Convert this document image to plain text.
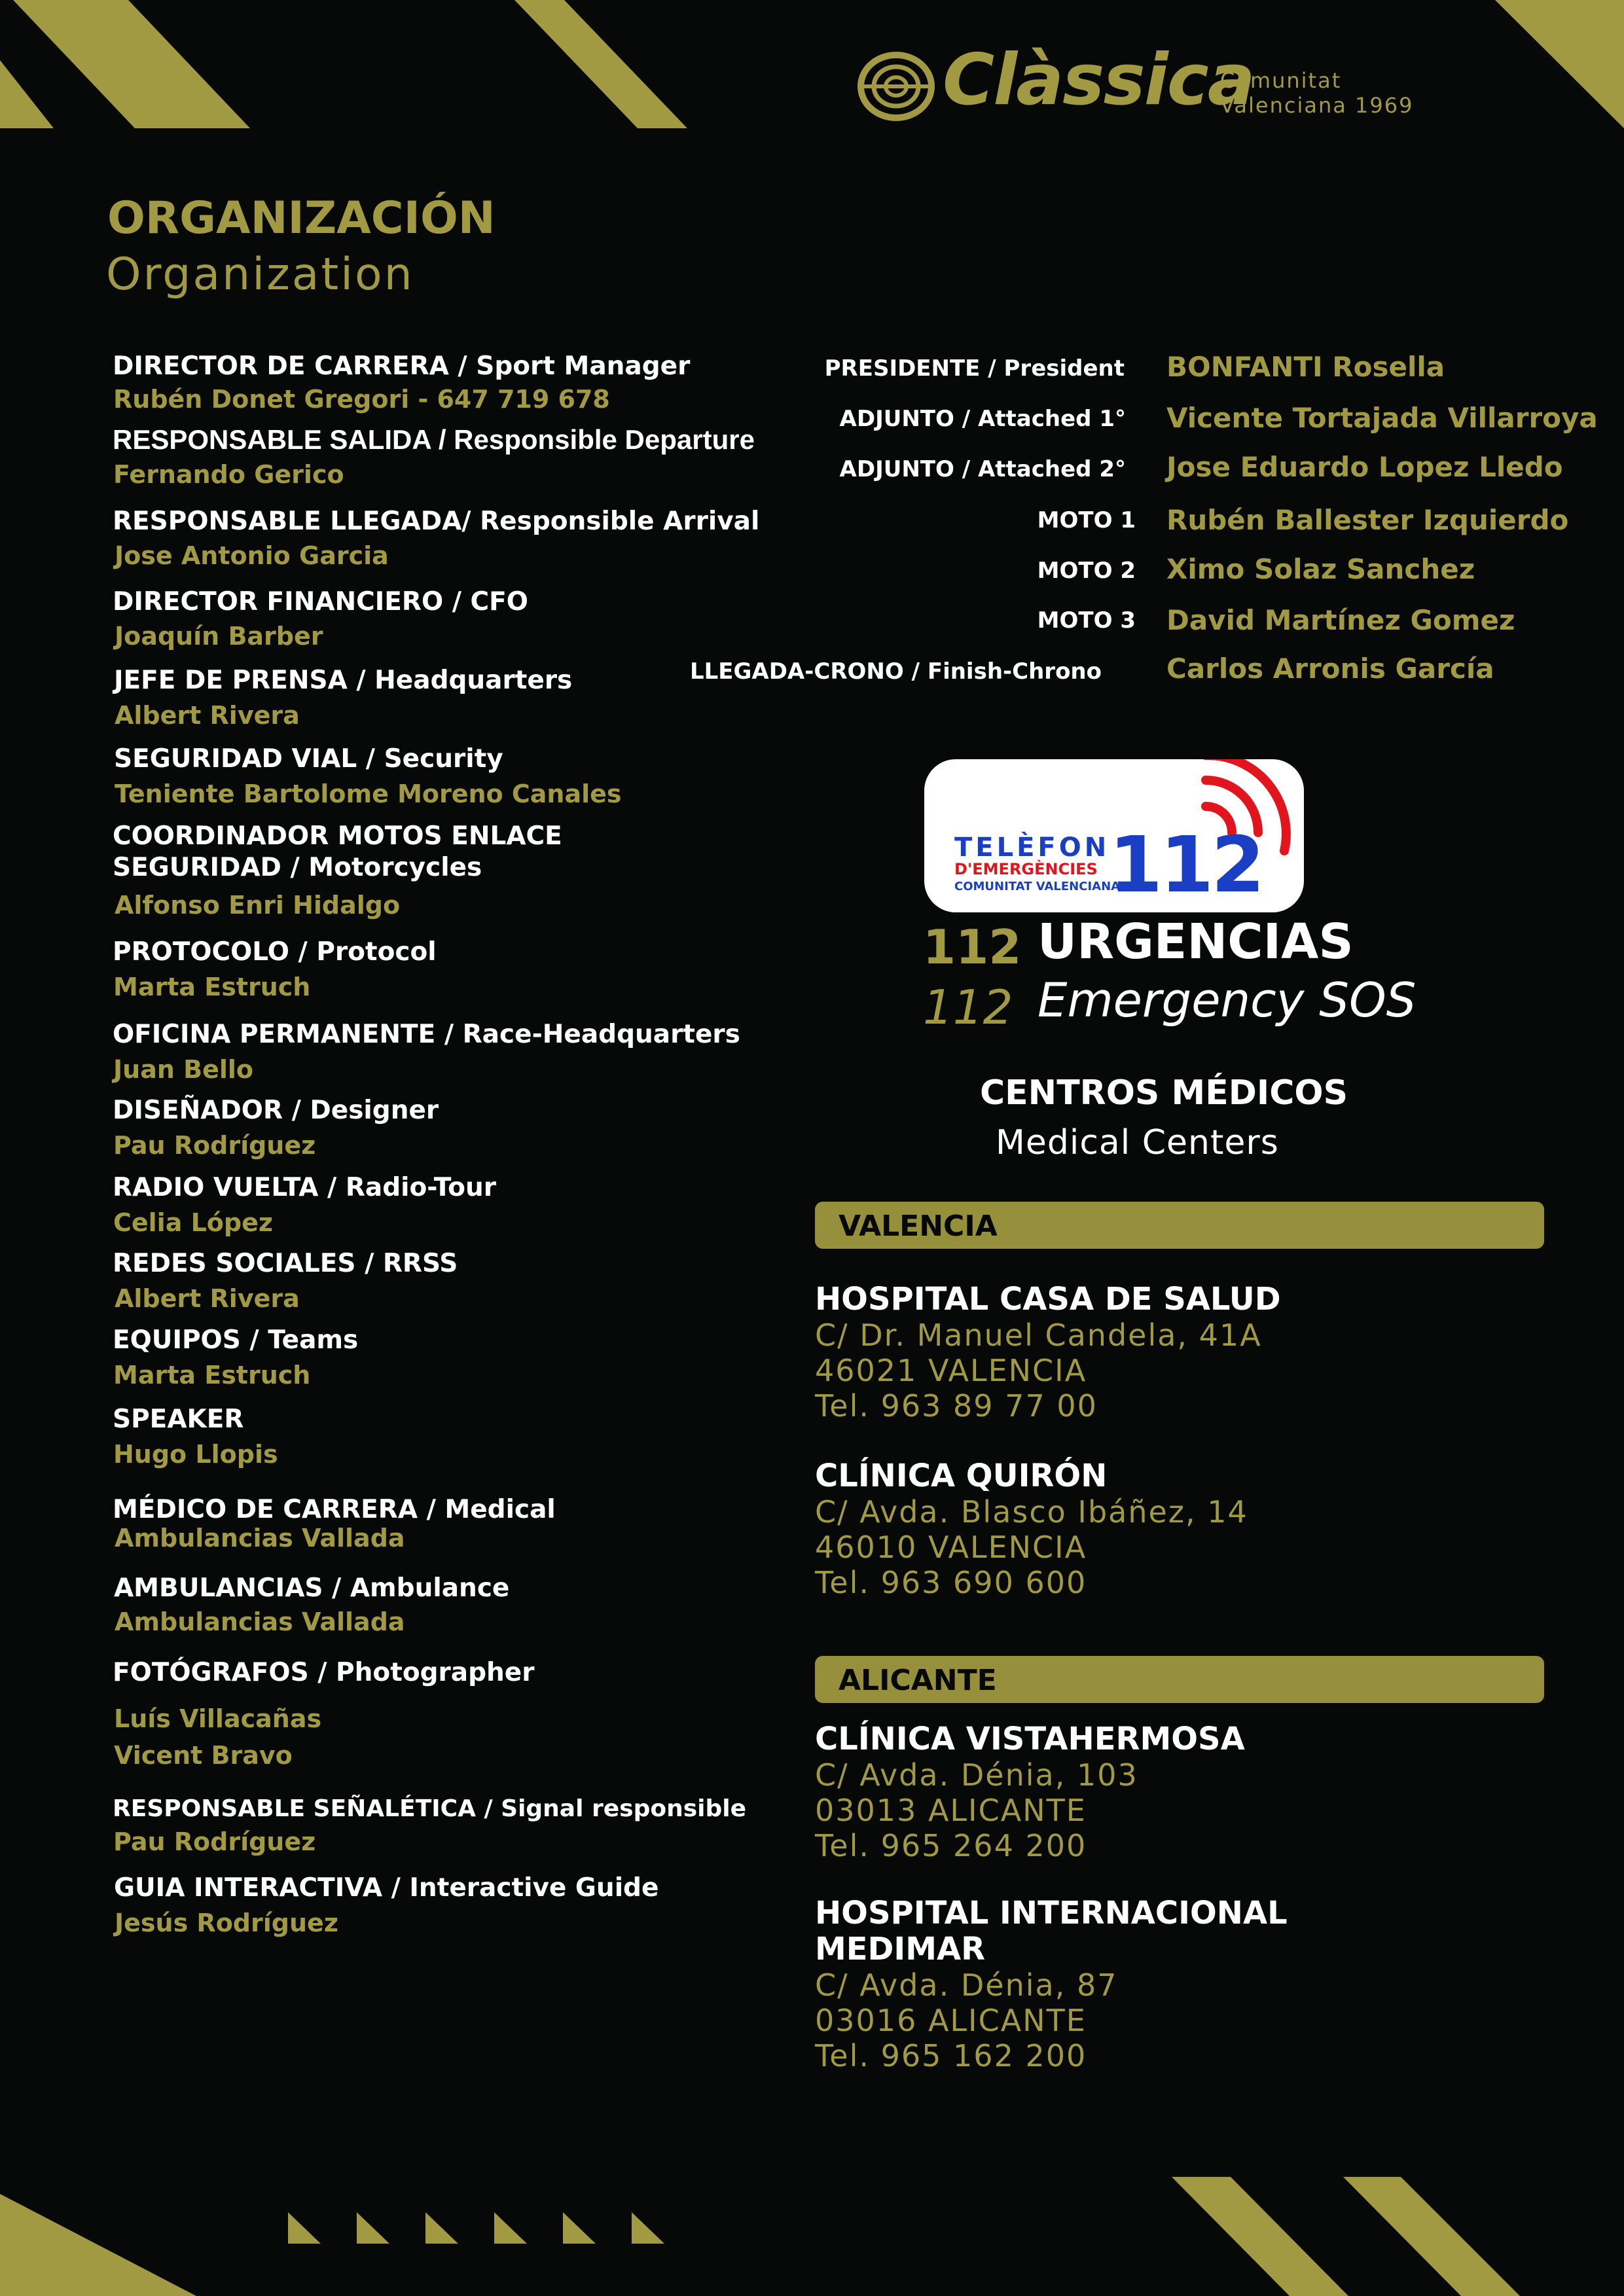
Clàssica
Comunitat
Valenciana 1969
ORGANIZACIÓN
Organization
DIRECTOR DE CARRERA / Sport Manager
Rubén Donet Gregori - 647 719 678
RESPONSABLE SALIDA / Responsible Departure
Fernando Gerico
RESPONSABLE LLEGADA/ Responsible Arrival
Jose Antonio Garcia
DIRECTOR FINANCIERO / CFO
Joaquín Barber
JEFE DE PRENSA / Headquarters
Albert Rivera
SEGURIDAD VIAL / Security
Teniente Bartolome Moreno Canales
COORDINADOR MOTOS ENLACE SEGURIDAD / Motorcycles
Alfonso Enri Hidalgo
PROTOCOLO / Protocol
Marta Estruch
OFICINA PERMANENTE / Race-Headquarters
Juan Bello
DISEÑADOR / Designer
Pau Rodríguez
RADIO VUELTA / Radio-Tour
Celia López
REDES SOCIALES / RRSS
Albert Rivera
EQUIPOS / Teams
Marta Estruch
SPEAKER
Hugo Llopis
MÉDICO DE CARRERA / Medical
Ambulancias Vallada
AMBULANCIAS / Ambulance
Ambulancias Vallada
FOTÓGRAFOS / Photographer
Luís Villacañas
Vicent Bravo
RESPONSABLE SEÑALÉTICA / Signal responsible
Pau Rodríguez
GUIA INTERACTIVA / Interactive Guide
Jesús Rodríguez
PRESIDENTE / President BONFANTI Rosella
ADJUNTO / Attached 1° Vicente Tortajada Villarroya
ADJUNTO / Attached 2° Jose Eduardo Lopez Lledo
MOTO 1 Rubén Ballester Izquierdo
MOTO 2 Ximo Solaz Sanchez
MOTO 3 David Martínez Gomez
LLEGADA-CRONO / Finish-Chrono Carlos Arronis García
TELÈFON
D'EMERGÈNCIES
COMUNITAT VALENCIANA
112
112
112
URGENCIAS
Emergency SOS
CENTROS MÉDICOS
Medical Centers
VALENCIA
HOSPITAL CASA DE SALUD
C/ Dr. Manuel Candela, 41A
46021 VALENCIA
Tel. 963 89 77 00
CLÍNICA QUIRÓN
C/ Avda. Blasco Ibáñez, 14
46010 VALENCIA
Tel. 963 690 600
ALICANTE
CLÍNICA VISTAHERMOSA
C/ Avda. Dénia, 103
03013 ALICANTE
Tel. 965 264 200
HOSPITAL INTERNACIONAL
MEDIMAR
C/ Avda. Dénia, 87
03016 ALICANTE
Tel. 965 162 200
